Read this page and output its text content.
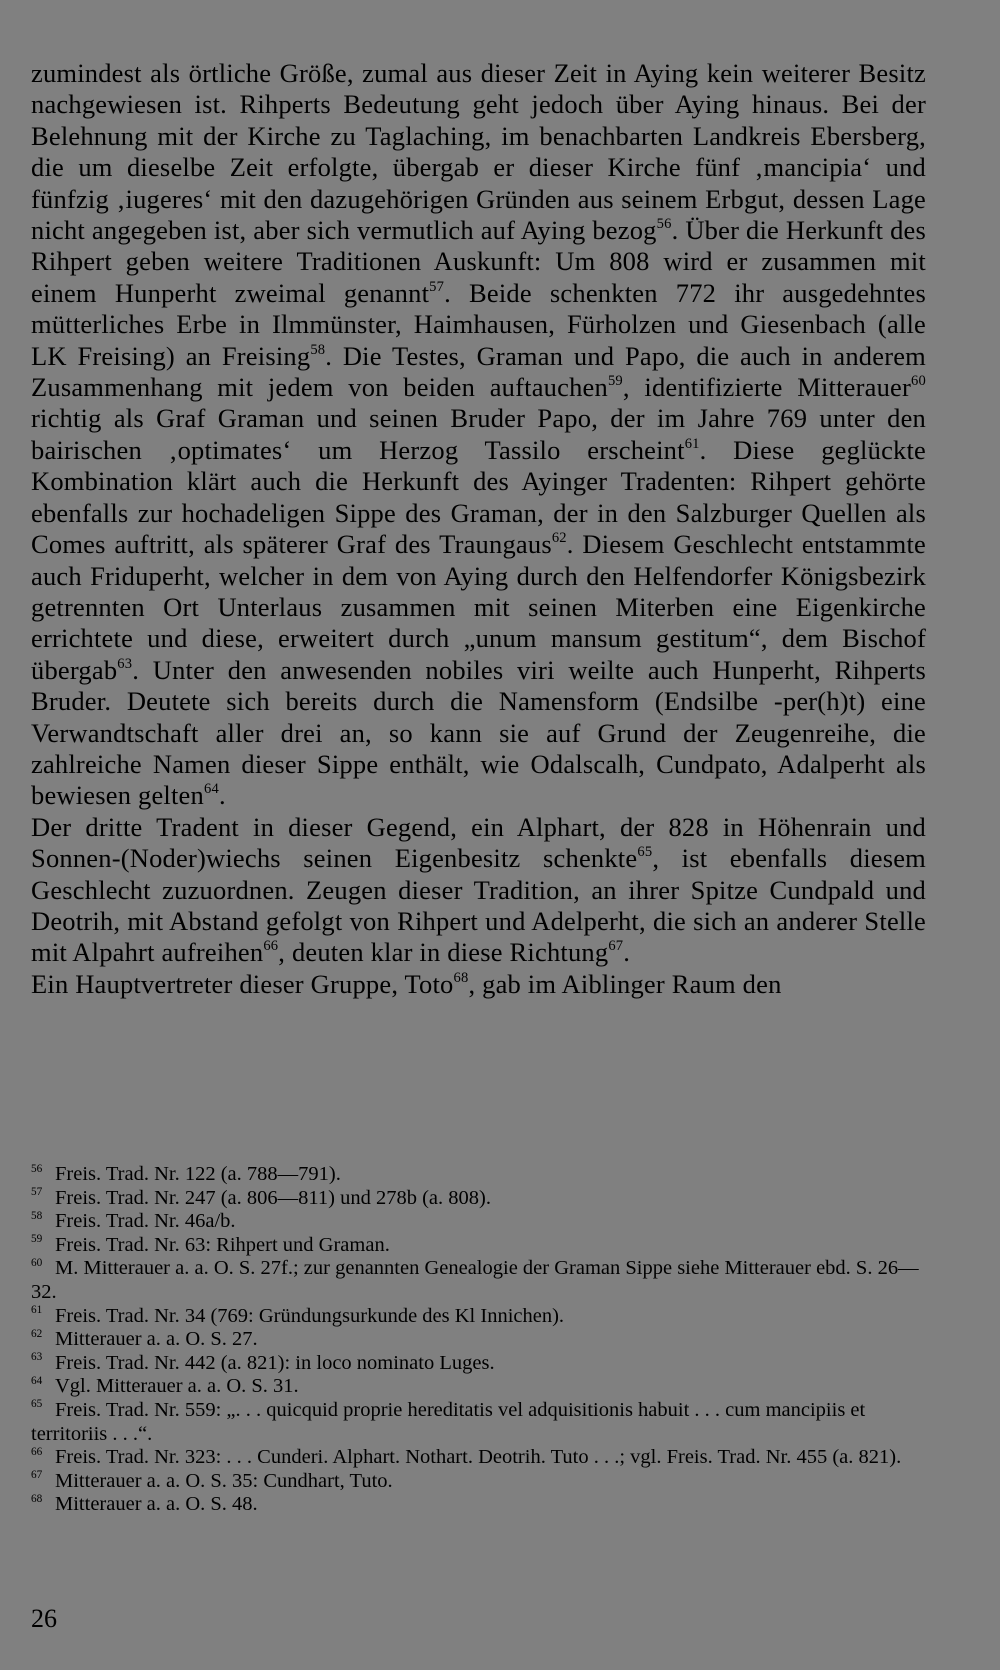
zumindest als örtliche Größe, zumal aus dieser Zeit in Aying kein weiterer Besitz nachgewiesen ist. Rihperts Bedeutung geht jedoch über Aying hinaus. Bei der Belehnung mit der Kirche zu Taglaching, im benachbarten Landkreis Ebersberg, die um dieselbe Zeit erfolgte, übergab er dieser Kirche fünf ‚mancipia‘ und fünfzig ‚iugeres‘ mit den dazugehörigen Gründen aus seinem Erbgut, dessen Lage nicht angegeben ist, aber sich vermutlich auf Aying bezog$^{56}$. Über die Herkunft des Rihpert geben weitere Traditionen Auskunft: Um 808 wird er zusammen mit einem Hunperht zweimal genannt$^{57}$. Beide schenkten 772 ihr ausgedehntes mütterliches Erbe in Ilmmünster, Haimhausen, Fürholzen und Giesenbach (alle LK Freising) an Freising$^{58}$. Die Testes, Graman und Papo, die auch in anderem Zusammenhang mit jedem von beiden auftauchen$^{59}$, identifizierte Mitterauer$^{60}$ richtig als Graf Graman und seinen Bruder Papo, der im Jahre 769 unter den bairischen ‚optimates‘ um Herzog Tassilo erscheint$^{61}$. Diese geglückte Kombination klärt auch die Herkunft des Ayinger Tradenten: Rihpert gehörte ebenfalls zur hochadeligen Sippe des Graman, der in den Salzburger Quellen als Comes auftritt, als späterer Graf des Traungaus$^{62}$. Diesem Geschlecht entstammte auch Friduperht, welcher in dem von Aying durch den Helfendorfer Königsbezirk getrennten Ort Unterlaus zusammen mit seinen Miterben eine Eigenkirche errichtete und diese, erweitert durch „unum mansum gestitum“, dem Bischof übergab$^{63}$. Unter den anwesenden nobiles viri weilte auch Hunperht, Rihperts Bruder. Deutete sich bereits durch die Namensform (Endsilbe -per(h)t) eine Verwandtschaft aller drei an, so kann sie auf Grund der Zeugenreihe, die zahlreiche Namen dieser Sippe enthält, wie Odalscalh, Cundpato, Adalperht als bewiesen gelten$^{64}$.

Der dritte Tradent in dieser Gegend, ein Alphart, der 828 in Höhenrain und Sonnen-(Noder)wiechs seinen Eigenbesitz schenkte$^{65}$, ist ebenfalls diesem Geschlecht zuzuordnen. Zeugen dieser Tradition, an ihrer Spitze Cundpald und Deotrih, mit Abstand gefolgt von Rihpert und Adelperht, die sich an anderer Stelle mit Alpahrt aufreihen$^{66}$, deuten klar in diese Richtung$^{67}$.

Ein Hauptvertreter dieser Gruppe, Toto$^{68}$, gab im Aiblinger Raum den

$^{56}$ Freis. Trad. Nr. 122 (a. 788—791).

$^{57}$ Freis. Trad. Nr. 247 (a. 806—811) und 278b (a. 808).

$^{58}$ Freis. Trad. Nr. 46a/b.

$^{59}$ Freis. Trad. Nr. 63: Rihpert und Graman.

$^{60}$ M. Mitterauer a. a. O. S. 27f.; zur genannten Genealogie der Graman Sippe siehe Mitterauer ebd. S. 26—32.

$^{61}$ Freis. Trad. Nr. 34 (769: Gründungsurkunde des Kl Innichen).

$^{62}$ Mitterauer a. a. O. S. 27.

$^{63}$ Freis. Trad. Nr. 442 (a. 821): in loco nominato Luges.

$^{64}$ Vgl. Mitterauer a. a. O. S. 31.

$^{65}$ Freis. Trad. Nr. 559: „. . . quicquid proprie hereditatis vel adquisitionis habuit . . . cum mancipiis et territoriis . . .“.

$^{66}$ Freis. Trad. Nr. 323: . . . Cunderi. Alphart. Nothart. Deotrih. Tuto . . .; vgl. Freis. Trad. Nr. 455 (a. 821).

$^{67}$ Mitterauer a. a. O. S. 35: Cundhart, Tuto.

$^{68}$ Mitterauer a. a. O. S. 48.

26
